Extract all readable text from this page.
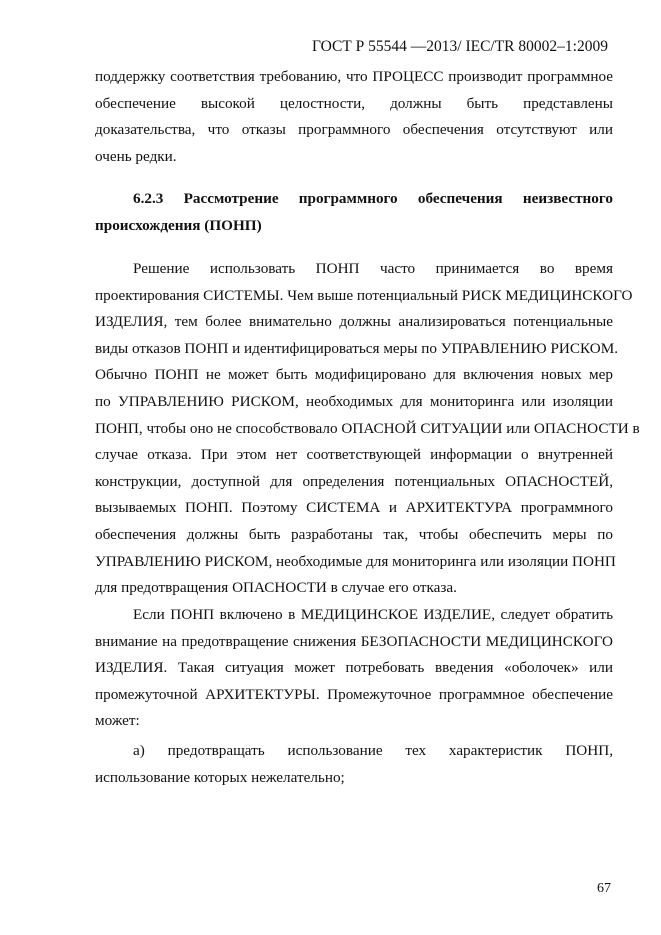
ГОСТ Р 55544 —2013/ IEC/TR 80002–1:2009
поддержку соответствия требованию, что ПРОЦЕСС производит программное
обеспечение высокой целостности, должны быть представлены
доказательства, что отказы программного обеспечения отсутствуют или
очень редки.
6.2.3 Рассмотрение программного обеспечения неизвестного
происхождения (ПОНП)
Решение использовать ПОНП часто принимается во время
проектирования СИСТЕМЫ. Чем выше потенциальный РИСК МЕДИЦИНСКОГО
ИЗДЕЛИЯ, тем более внимательно должны анализироваться потенциальные
виды отказов ПОНП и идентифицироваться меры по УПРАВЛЕНИЮ РИСКОМ.
Обычно ПОНП не может быть модифицировано для включения новых мер
по УПРАВЛЕНИЮ РИСКОМ, необходимых для мониторинга или изоляции
ПОНП, чтобы оно не способствовало ОПАСНОЙ СИТУАЦИИ или ОПАСНОСТИ в
случае отказа. При этом нет соответствующей информации о внутренней
конструкции, доступной для определения потенциальных ОПАСНОСТЕЙ,
вызываемых ПОНП. Поэтому СИСТЕМА и АРХИТЕКТУРА программного
обеспечения должны быть разработаны так, чтобы обеспечить меры по
УПРАВЛЕНИЮ РИСКОМ, необходимые для мониторинга или изоляции ПОНП
для предотвращения ОПАСНОСТИ в случае его отказа.
Если ПОНП включено в МЕДИЦИНСКОЕ ИЗДЕЛИЕ, следует обратить
внимание на предотвращение снижения БЕЗОПАСНОСТИ МЕДИЦИНСКОГО
ИЗДЕЛИЯ. Такая ситуация может потребовать введения «оболочек» или
промежуточной АРХИТЕКТУРЫ. Промежуточное программное обеспечение
может:
а) предотвращать использование тех характеристик ПОНП,
использование которых нежелательно;
67
